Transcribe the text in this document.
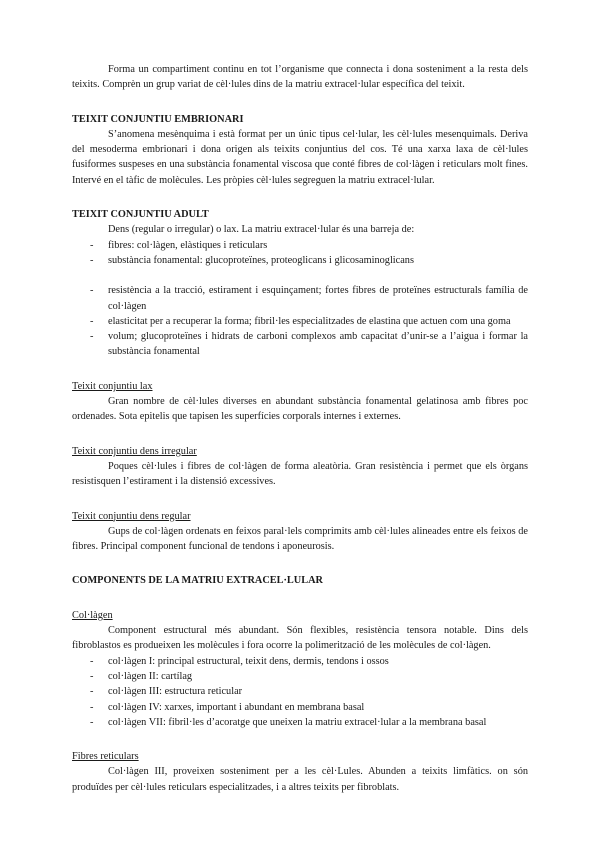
Forma un compartiment continu en tot l’organisme que connecta i dona sosteniment a la resta dels teixits. Comprèn un grup variat de cèl·lules dins de la matriu extracel·lular específica del teixit.

TEIXIT CONJUNTIU EMBRIONARI

S’anomena mesènquima i està format per un únic tipus cel·lular, les cèl·lules mesenquimals. Deriva del mesoderma embrionari i dona origen als teixits conjuntius del cos. Té una xarxa laxa de cèl·lules fusiformes suspeses en una substància fonamental viscosa que conté fibres de col·làgen i reticulars molt fines. Intervé en el tàfic de molècules. Les pròpies cèl·lules segreguen la matriu extracel·lular.

TEIXIT CONJUNTIU ADULT

Dens (regular o irregular) o lax. La matriu extracel·lular és una barreja de:

- fibres: col·làgen, elàstiques i reticulars
- substància fonamental: glucoproteïnes, proteoglicans i glicosaminoglicans
- resistència a la tracció, estirament i esquinçament; fortes fibres de proteïnes estructurals família de col·làgen
- elasticitat per a recuperar la forma; fibril·les especialitzades de elastina que actuen com una goma
- volum; glucoproteïnes i hidrats de carboni complexos amb capacitat d’unir-se a l’aigua i formar la substància fonamental
Teixit conjuntiu lax

Gran nombre de cèl·lules diverses en abundant substància fonamental gelatinosa amb fibres poc ordenades. Sota epitelis que tapisen les superfícies corporals internes i externes.

Teixit conjuntiu dens irregular

Poques cèl·lules i fibres de col·làgen de forma aleatòria. Gran resistència i permet que els òrgans resistisquen l’estirament i la distensió excessives.

Teixit conjuntiu dens regular

Gups de col·làgen ordenats en feixos paral·lels comprimits amb cèl·lules alineades entre els feixos de fibres. Principal component funcional de tendons i aponeurosis.

COMPONENTS DE LA MATRIU EXTRACEL·LULAR
Col·làgen

Component estructural més abundant. Són flexibles, resistència tensora notable. Dins dels fibroblastos es produeixen les molècules i fora ocorre la polimerització de les molècules de col·làgen.

- col·làgen I: principal estructural, teixit dens, dermis, tendons i ossos
- col·làgen II: cartílag
- col·làgen III: estructura reticular
- col·làgen IV: xarxes, important i abundant en membrana basal
- col·làgen VII: fibril·les d’acoratge que uneixen la matriu extracel·lular a la membrana basal
Fibres reticulars

Col·làgen III, proveixen sosteniment per a les cèl·Lules. Abunden a teixits limfàtics. on són produïdes per cèl·lules reticulars especialitzades, i a altres teixits per fibroblats.
